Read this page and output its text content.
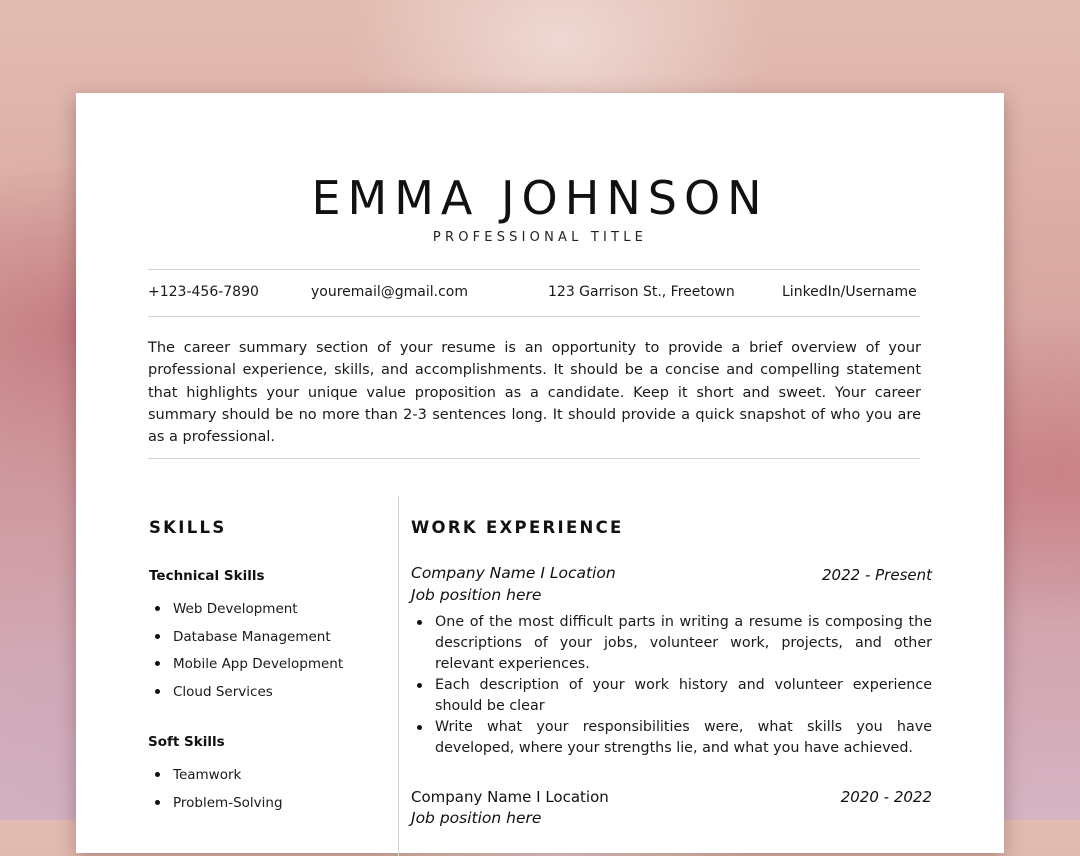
EMMA JOHNSON
PROFESSIONAL TITLE
+123-456-7890	youremail@gmail.com	123 Garrison St., Freetown	LinkedIn/Username

The career summary section of your resume is an opportunity to provide a brief overview of your professional experience, skills, and accomplishments. It should be a concise and compelling statement that highlights your unique value proposition as a candidate. Keep it short and sweet. Your career summary should be no more than 2-3 sentences long. It should provide a quick snapshot of who you are as a professional.

SKILLS
Technical Skills
Web Development
Database Management
Mobile App Development
Cloud Services
Soft Skills
Teamwork
Problem-Solving
WORK EXPERIENCE
Company Name I Location	2022 - Present
Job position here
One of the most difficult parts in writing a resume is composing the descriptions of your jobs, volunteer work, projects, and other relevant experiences.
Each description of your work history and volunteer experience should be clear
Write what your responsibilities were, what skills you have developed, where your strengths lie, and what you have achieved.
Company Name I Location	2020 - 2022
Job position here
